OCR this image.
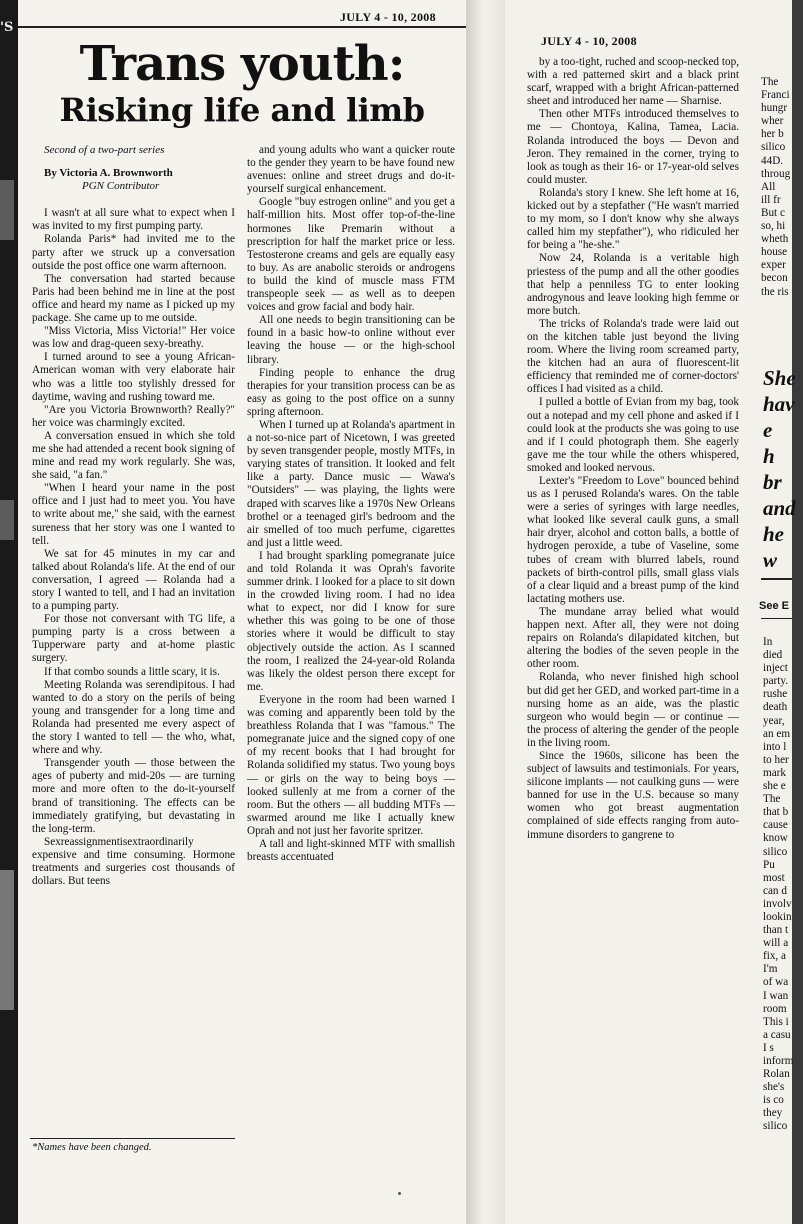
'S
JULY 4 - 10, 2008
Trans youth:
Risking life and limb
Second of a two-part series
By Victoria A. Brownworth
PGN Contributor

I wasn't at all sure what to expect when I was invited to my first pumping party.

Rolanda Paris* had invited me to the party after we struck up a conversation outside the post office one warm afternoon.

The conversation had started because Paris had been behind me in line at the post office and heard my name as I picked up my package. She came up to me outside.

"Miss Victoria, Miss Victoria!" Her voice was low and drag-queen sexy-breathy.

I turned around to see a young African-American woman with very elaborate hair who was a little too stylishly dressed for daytime, waving and rushing toward me.

"Are you Victoria Brownworth? Really?" her voice was charmingly excited.

A conversation ensued in which she told me she had attended a recent book signing of mine and read my work regularly. She was, she said, "a fan."

"When I heard your name in the post office and I just had to meet you. You have to write about me," she said, with the earnest sureness that her story was one I wanted to tell.

We sat for 45 minutes in my car and talked about Rolanda's life. At the end of our conversation, I agreed — Rolanda had a story I wanted to tell, and I had an invitation to a pumping party.

For those not conversant with TG life, a pumping party is a cross between a Tupperware party and at-home plastic surgery.

If that combo sounds a little scary, it is.

Meeting Rolanda was serendipitous. I had wanted to do a story on the perils of being young and transgender for a long time and Rolanda had presented me every aspect of the story I wanted to tell — the who, what, where and why.

Transgender youth — those between the ages of puberty and mid-20s — are turning more and more often to the do-it-yourself brand of transitioning. The effects can be immediately gratifying, but devastating in the long-term.

Sexreassignmentisextraordinarily expensive and time consuming. Hormone treatments and surgeries cost thousands of dollars. But teens

and young adults who want a quicker route to the gender they yearn to be have found new avenues: online and street drugs and do-it-yourself surgical enhancement.

Google "buy estrogen online" and you get a half-million hits. Most offer top-of-the-line hormones like Premarin without a prescription for half the market price or less. Testosterone creams and gels are equally easy to buy. As are anabolic steroids or androgens to build the kind of muscle mass FTM transpeople seek — as well as to deepen voices and grow facial and body hair.

All one needs to begin transitioning can be found in a basic how-to online without ever leaving the house — or the high-school library.

Finding people to enhance the drug therapies for your transition process can be as easy as going to the post office on a sunny spring afternoon.

When I turned up at Rolanda's apartment in a not-so-nice part of Nicetown, I was greeted by seven transgender people, mostly MTFs, in varying states of transition. It looked and felt like a party. Dance music — Wawa's "Outsiders" — was playing, the lights were draped with scarves like a 1970s New Orleans brothel or a teenaged girl's bedroom and the air smelled of too much perfume, cigarettes and just a little weed.

I had brought sparkling pomegranate juice and told Rolanda it was Oprah's favorite summer drink. I looked for a place to sit down in the crowded living room. I had no idea what to expect, nor did I know for sure whether this was going to be one of those stories where it would be difficult to stay objectively outside the action. As I scanned the room, I realized the 24-year-old Rolanda was likely the oldest person there except for me.

Everyone in the room had been warned I was coming and apparently been told by the breathless Rolanda that I was "famous." The pomegranate juice and the signed copy of one of my recent books that I had brought for Rolanda solidified my status. Two young boys — or girls on the way to being boys — looked sullenly at me from a corner of the room. But the others — all budding MTFs — swarmed around me like I actually knew Oprah and not just her favorite spritzer.

A tall and light-skinned MTF with smallish breasts accentuated

*Names have been changed.
JULY 4 - 10, 2008

by a too-tight, ruched and scoop-necked top, with a red patterned skirt and a black print scarf, wrapped with a bright African-patterned sheet and introduced her name — Sharnise.

Then other MTFs introduced themselves to me — Chontoya, Kalina, Tamea, Lacia. Rolanda introduced the boys — Devon and Jeron. They remained in the corner, trying to look as tough as their 16- or 17-year-old selves could muster.

Rolanda's story I knew. She left home at 16, kicked out by a stepfather ("He wasn't married to my mom, so I don't know why she always called him my stepfather"), who ridiculed her for being a "he-she."

Now 24, Rolanda is a veritable high priestess of the pump and all the other goodies that help a penniless TG to enter looking androgynous and leave looking high femme or more butch.

The tricks of Rolanda's trade were laid out on the kitchen table just beyond the living room. Where the living room screamed party, the kitchen had an aura of fluorescent-lit efficiency that reminded me of corner-doctors' offices I had visited as a child.

I pulled a bottle of Evian from my bag, took out a notepad and my cell phone and asked if I could look at the products she was going to use and if I could photograph them. She eagerly gave me the tour while the others whispered, smoked and looked nervous.

Lexter's "Freedom to Love" bounced behind us as I perused Rolanda's wares. On the table were a series of syringes with large needles, what looked like several caulk guns, a small hair dryer, alcohol and cotton balls, a bottle of hydrogen peroxide, a tube of Vaseline, some tubes of cream with blurred labels, round packets of birth-control pills, small glass vials of a clear liquid and a breast pump of the kind lactating mothers use.

The mundane array belied what would happen next. After all, they were not doing repairs on Rolanda's dilapidated kitchen, but altering the bodies of the seven people in the other room.

Rolanda, who never finished high school but did get her GED, and worked part-time in a nursing home as an aide, was the plastic surgeon who would begin — or continue — the process of altering the gender of the people in the living room.

Since the 1960s, silicone has been the subject of lawsuits and testimonials. For years, silicone implants — not caulking guns — were banned for use in the U.S. because so many women who got breast augmentation complained of side effects ranging from auto-immune disorders to gangrene to

The
Franci
hungr
wher
her b
silico
44D.
throug
All
ill fr
But c
so, hi
wheth
house
exper
becon
the ris
She
hav
e
h
br
and
he
w
See E
In
died
inject
party.
rushe
death
year,
an em
into l
to her
mark
she e
The
that b
cause
know
silico
Pu
most
can d
involv
lookin
than t
will a
fix, a
I'm
of wa
I wan
room
This i
a casu
I s
inform
Rolan
she's
is co
they
silico
